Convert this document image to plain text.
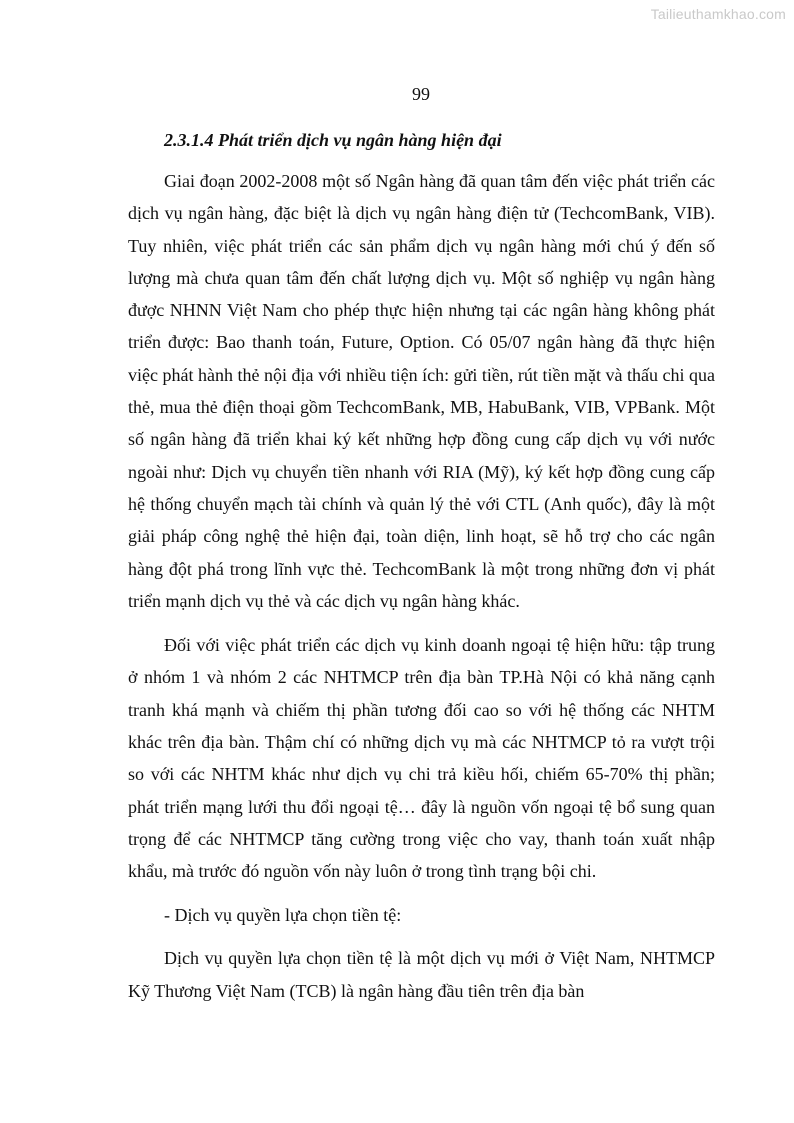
Tailieuthamkhao.com
99
2.3.1.4 Phát triển dịch vụ ngân hàng hiện đại

Giai đoạn 2002-2008 một số Ngân hàng đã quan tâm đến việc phát triển các dịch vụ ngân hàng, đặc biệt là dịch vụ ngân hàng điện tử (TechcomBank, VIB). Tuy nhiên, việc phát triển các sản phẩm dịch vụ ngân hàng mới chú ý đến số lượng mà chưa quan tâm đến chất lượng dịch vụ. Một số nghiệp vụ ngân hàng được NHNN Việt Nam cho phép thực hiện nhưng tại các ngân hàng không phát triển được: Bao thanh toán, Future, Option. Có 05/07 ngân hàng đã thực hiện việc phát hành thẻ nội địa với nhiều tiện ích: gửi tiền, rút tiền mặt và thấu chi qua thẻ, mua thẻ điện thoại gồm TechcomBank, MB, HabuBank, VIB, VPBank. Một số ngân hàng đã triển khai ký kết những hợp đồng cung cấp dịch vụ với nước ngoài như: Dịch vụ chuyển tiền nhanh với RIA (Mỹ), ký kết hợp đồng cung cấp hệ thống chuyển mạch tài chính và quản lý thẻ với CTL (Anh quốc), đây là một giải pháp công nghệ thẻ hiện đại, toàn diện, linh hoạt, sẽ hỗ trợ cho các ngân hàng đột phá trong lĩnh vực thẻ. TechcomBank là một trong những đơn vị phát triển mạnh dịch vụ thẻ và các dịch vụ ngân hàng khác.

Đối với việc phát triển các dịch vụ kinh doanh ngoại tệ hiện hữu: tập trung ở nhóm 1 và nhóm 2 các NHTMCP trên địa bàn TP.Hà Nội có khả năng cạnh tranh khá mạnh và chiếm thị phần tương đối cao so với hệ thống các NHTM khác trên địa bàn. Thậm chí có những dịch vụ mà các NHTMCP tỏ ra vượt trội so với các NHTM khác như dịch vụ chi trả kiều hối, chiếm 65-70% thị phần; phát triển mạng lưới thu đổi ngoại tệ… đây là nguồn vốn ngoại tệ bổ sung quan trọng để các NHTMCP tăng cường trong việc cho vay, thanh toán xuất nhập khẩu, mà trước đó nguồn vốn này luôn ở trong tình trạng bội chi.

- Dịch vụ quyền lựa chọn tiền tệ:

Dịch vụ quyền lựa chọn tiền tệ là một dịch vụ mới ở Việt Nam, NHTMCP Kỹ Thương Việt Nam (TCB) là ngân hàng đầu tiên trên địa bàn
